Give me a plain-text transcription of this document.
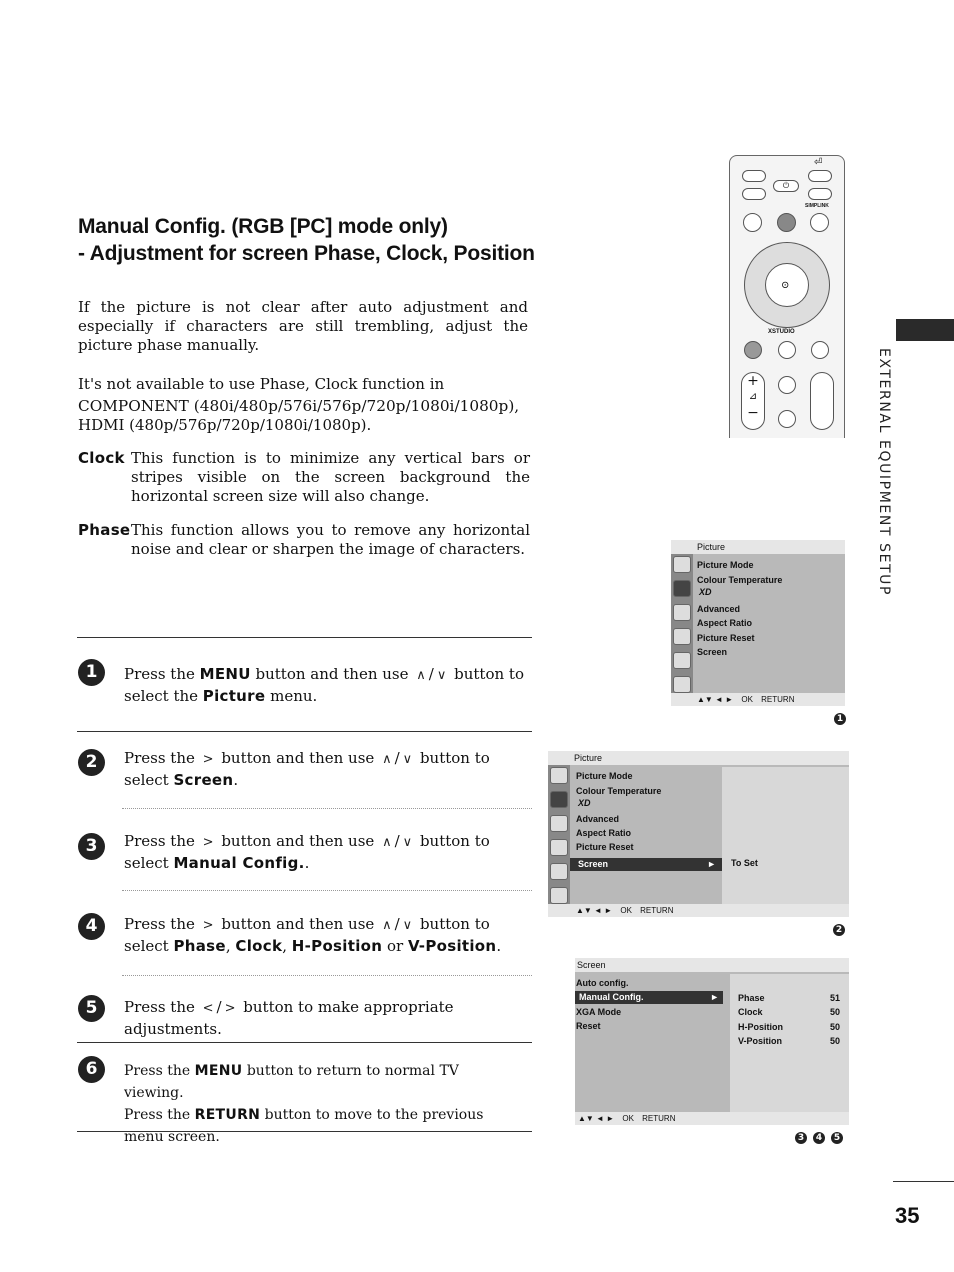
Manual Config. (RGB [PC] mode only)
- Adjustment for screen Phase, Clock, Position
If the picture is not clear after auto adjustment and especially if characters are still trembling, adjust the picture phase manually.
It's not available to use Phase, Clock function in
COMPONENT (480i/480p/576i/576p/720p/1080i/1080p),
HDMI (480p/576p/720p/1080i/1080p).
Clock This function is to minimize any vertical bars or stripes visible on the screen background the horizontal screen size will also change.
Phase This function allows you to remove any horizontal noise and clear or sharpen the image of characters.
1	Press the MENU button and then use ∧ / ∨ button to select the Picture menu.
2	Press the > button and then use ∧ / ∨ button to select Screen.
3	Press the > button and then use ∧ / ∨ button to select Manual Config..
4	Press the > button and then use ∧ / ∨ button to select Phase, Clock, H-Position or V-Position.
5	Press the < / > button to make appropriate adjustments.
6	Press the MENU button to return to normal TV viewing.
Press the RETURN button to move to the previous menu screen.
EXTERNAL EQUIPMENT SETUP
35
⏎
⏻
SIMPLINK
⊙
XSTUDIO
+
⊿
−
Picture
Picture Mode
Colour Temperature
XD
Advanced
Aspect Ratio
Picture Reset
Screen
▲▼ ◄ ► OK RETURN
1
Picture
Picture Mode
Colour Temperature
XD
Advanced
Aspect Ratio
Picture Reset
Screen	► To Set
▲▼ ◄ ► OK RETURN
2
Screen
Auto config.
Manual Config.	►
XGA Mode
Reset
Phase	51
Clock	50
H-Position	50
V-Position	50
▲▼ ◄ ► OK RETURN
3	4	5
